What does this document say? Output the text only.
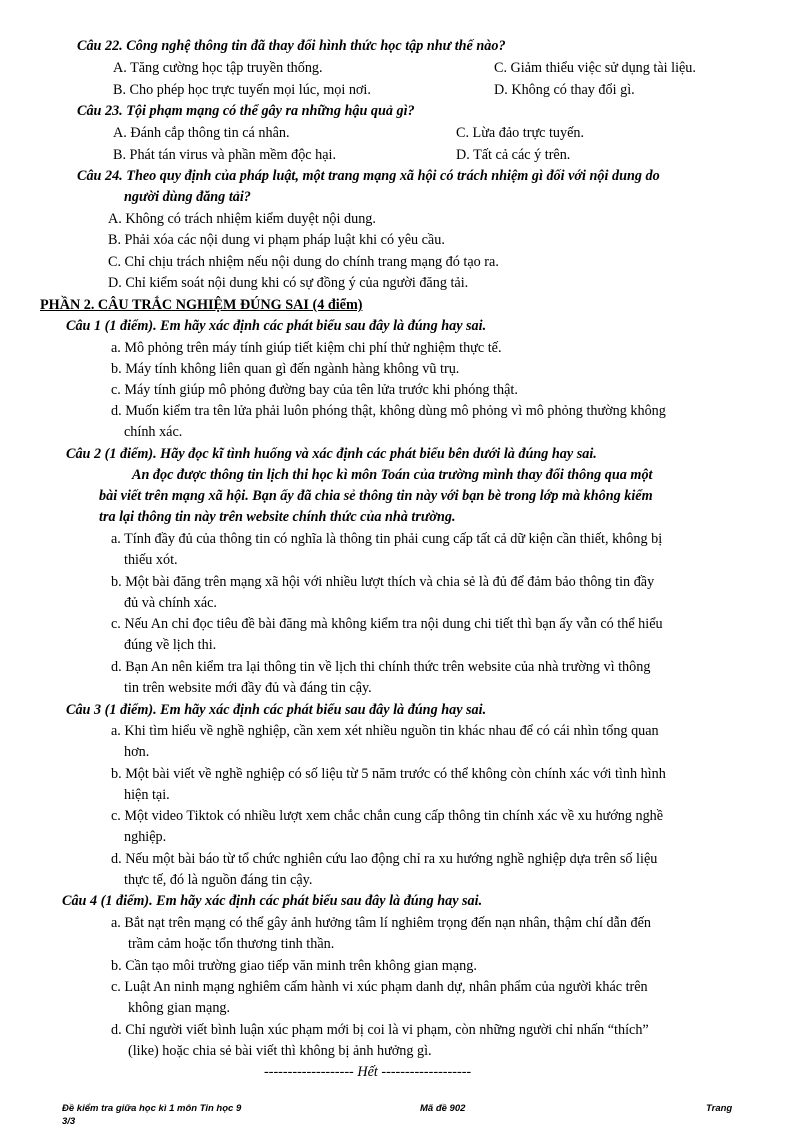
Câu 22. Công nghệ thông tin đã thay đổi hình thức học tập như thế nào?
A. Tăng cường học tập truyền thống.	C. Giảm thiểu việc sử dụng tài liệu.
B. Cho phép học trực tuyến mọi lúc, mọi nơi.	D. Không có thay đổi gì.
Câu 23. Tội phạm mạng có thể gây ra những hậu quả gì?
A. Đánh cắp thông tin cá nhân.	C. Lừa đảo trực tuyến.
B. Phát tán virus và phần mềm độc hại.	D. Tất cả các ý trên.
Câu 24. Theo quy định của pháp luật, một trang mạng xã hội có trách nhiệm gì đối với nội dung do
người dùng đăng tải?
A. Không có trách nhiệm kiểm duyệt nội dung.
B. Phải xóa các nội dung vi phạm pháp luật khi có yêu cầu.
C. Chỉ chịu trách nhiệm nếu nội dung do chính trang mạng đó tạo ra.
D. Chỉ kiểm soát nội dung khi có sự đồng ý của người đăng tải.
PHẦN 2. CÂU TRẮC NGHIỆM ĐÚNG SAI (4 điểm)
Câu 1 (1 điểm). Em hãy xác định các phát biểu sau đây là đúng hay sai.
a. Mô phỏng trên máy tính giúp tiết kiệm chi phí thử nghiệm thực tế.
b. Máy tính không liên quan gì đến ngành hàng không vũ trụ.
c. Máy tính giúp mô phỏng đường bay của tên lửa trước khi phóng thật.
d. Muốn kiểm tra tên lửa phải luôn phóng thật, không dùng mô phỏng vì mô phỏng thường không
chính xác.
Câu 2 (1 điểm). Hãy đọc kĩ tình huống và xác định các phát biểu bên dưới là đúng hay sai.
An đọc được thông tin lịch thi học kì môn Toán của trường mình thay đổi thông qua một
bài viết trên mạng xã hội. Bạn ấy đã chia sẻ thông tin này với bạn bè trong lớp mà không kiểm
tra lại thông tin này trên website chính thức của nhà trường.
a. Tính đầy đủ của thông tin có nghĩa là thông tin phải cung cấp tất cả dữ kiện cần thiết, không bị
thiếu xót.
b. Một bài đăng trên mạng xã hội với nhiều lượt thích và chia sẻ là đủ để đảm bảo thông tin đầy
đủ và chính xác.
c. Nếu An chỉ đọc tiêu đề bài đăng mà không kiểm tra nội dung chi tiết thì bạn ấy vẫn có thể hiểu
đúng về lịch thi.
d. Bạn An nên kiểm tra lại thông tin về lịch thi chính thức trên website của nhà trường vì thông
tin trên website mới đầy đủ và đáng tin cậy.
Câu 3 (1 điểm). Em hãy xác định các phát biểu sau đây là đúng hay sai.
a. Khi tìm hiểu về nghề nghiệp, cần xem xét nhiều nguồn tin khác nhau để có cái nhìn tổng quan
hơn.
b. Một bài viết về nghề nghiệp có số liệu từ 5 năm trước có thể không còn chính xác với tình hình
hiện tại.
c. Một video Tiktok có nhiều lượt xem chắc chắn cung cấp thông tin chính xác về xu hướng nghề
nghiệp.
d. Nếu một bài báo từ tổ chức nghiên cứu lao động chỉ ra xu hướng nghề nghiệp dựa trên số liệu
thực tế, đó là nguồn đáng tin cậy.
Câu 4 (1 điểm). Em hãy xác định các phát biểu sau đây là đúng hay sai.
a. Bắt nạt trên mạng có thể gây ảnh hưởng tâm lí nghiêm trọng đến nạn nhân, thậm chí dẫn đến
trầm cảm hoặc tổn thương tinh thần.
b. Cần tạo môi trường giao tiếp văn minh trên không gian mạng.
c. Luật An ninh mạng nghiêm cấm hành vi xúc phạm danh dự, nhân phẩm của người khác trên
không gian mạng.
d. Chỉ người viết bình luận xúc phạm mới bị coi là vi phạm, còn những người chỉ nhấn “thích”
(like) hoặc chia sẻ bài viết thì không bị ảnh hưởng gì.
------------------- Hết -------------------
Đề kiểm tra giữa học kì 1 môn Tin học 9
3/3
Mã đề 902	Trang
